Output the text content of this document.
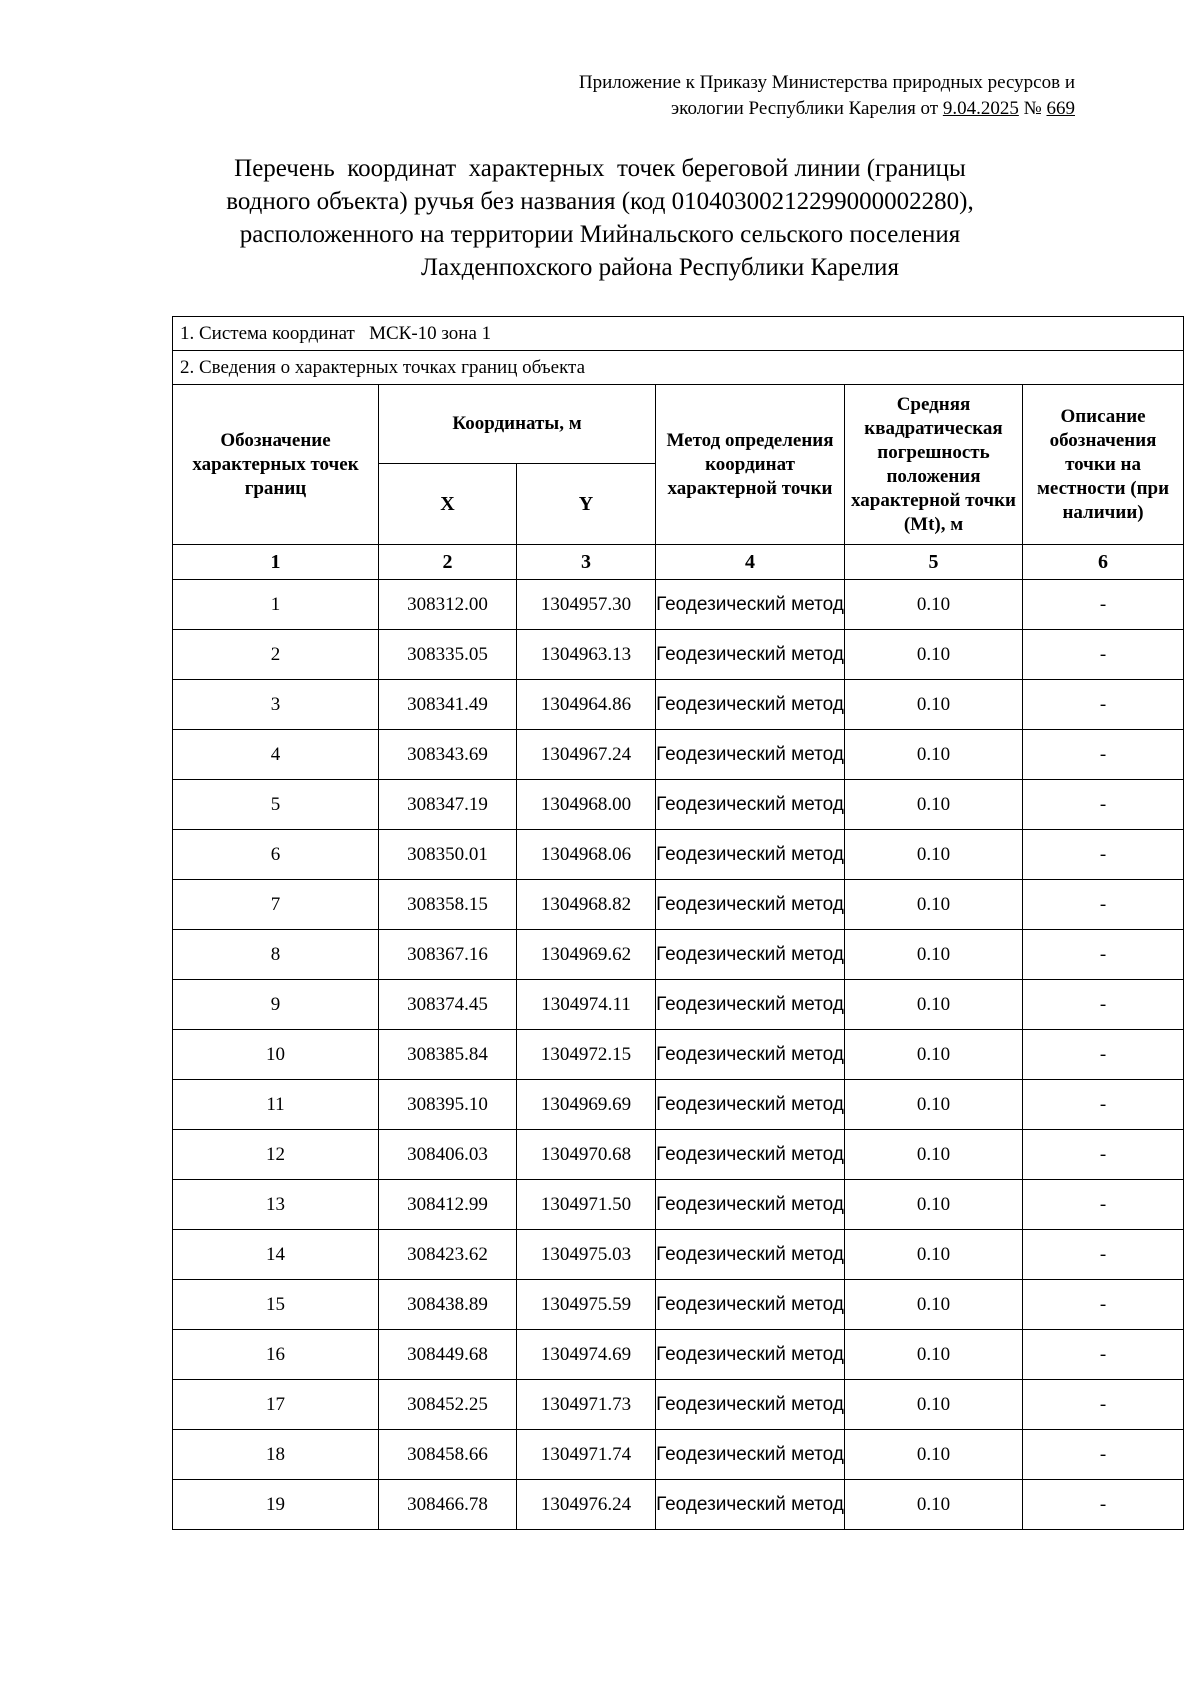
Приложение к Приказу Министерства природных ресурсов и
экологии Республики Карелия от 9.04.2025 № 669
Перечень  координат  характерных  точек береговой линии (границы
водного объекта) ручья без названия (код 01040300212299000002280),
расположенного на территории Мийнальского сельского поселения
Лахденпохского района Республики Карелия
1. Система координат   МСК-10 зона 1					
2. Сведения о характерных точках границ объекта					
Обозначение характерных точек границ	Координаты, м		Метод определения координат характерной точки	Средняя квадратическая погрешность положения характерной точки (Mt), м	Описание обозначения точки на местности (при наличии)
	X	Y			
1	2	3	4	5	6
1	308312.00	1304957.30	Геодезический метод	0.10	-
2	308335.05	1304963.13	Геодезический метод	0.10	-
3	308341.49	1304964.86	Геодезический метод	0.10	-
4	308343.69	1304967.24	Геодезический метод	0.10	-
5	308347.19	1304968.00	Геодезический метод	0.10	-
6	308350.01	1304968.06	Геодезический метод	0.10	-
7	308358.15	1304968.82	Геодезический метод	0.10	-
8	308367.16	1304969.62	Геодезический метод	0.10	-
9	308374.45	1304974.11	Геодезический метод	0.10	-
10	308385.84	1304972.15	Геодезический метод	0.10	-
11	308395.10	1304969.69	Геодезический метод	0.10	-
12	308406.03	1304970.68	Геодезический метод	0.10	-
13	308412.99	1304971.50	Геодезический метод	0.10	-
14	308423.62	1304975.03	Геодезический метод	0.10	-
15	308438.89	1304975.59	Геодезический метод	0.10	-
16	308449.68	1304974.69	Геодезический метод	0.10	-
17	308452.25	1304971.73	Геодезический метод	0.10	-
18	308458.66	1304971.74	Геодезический метод	0.10	-
19	308466.78	1304976.24	Геодезический метод	0.10	-
